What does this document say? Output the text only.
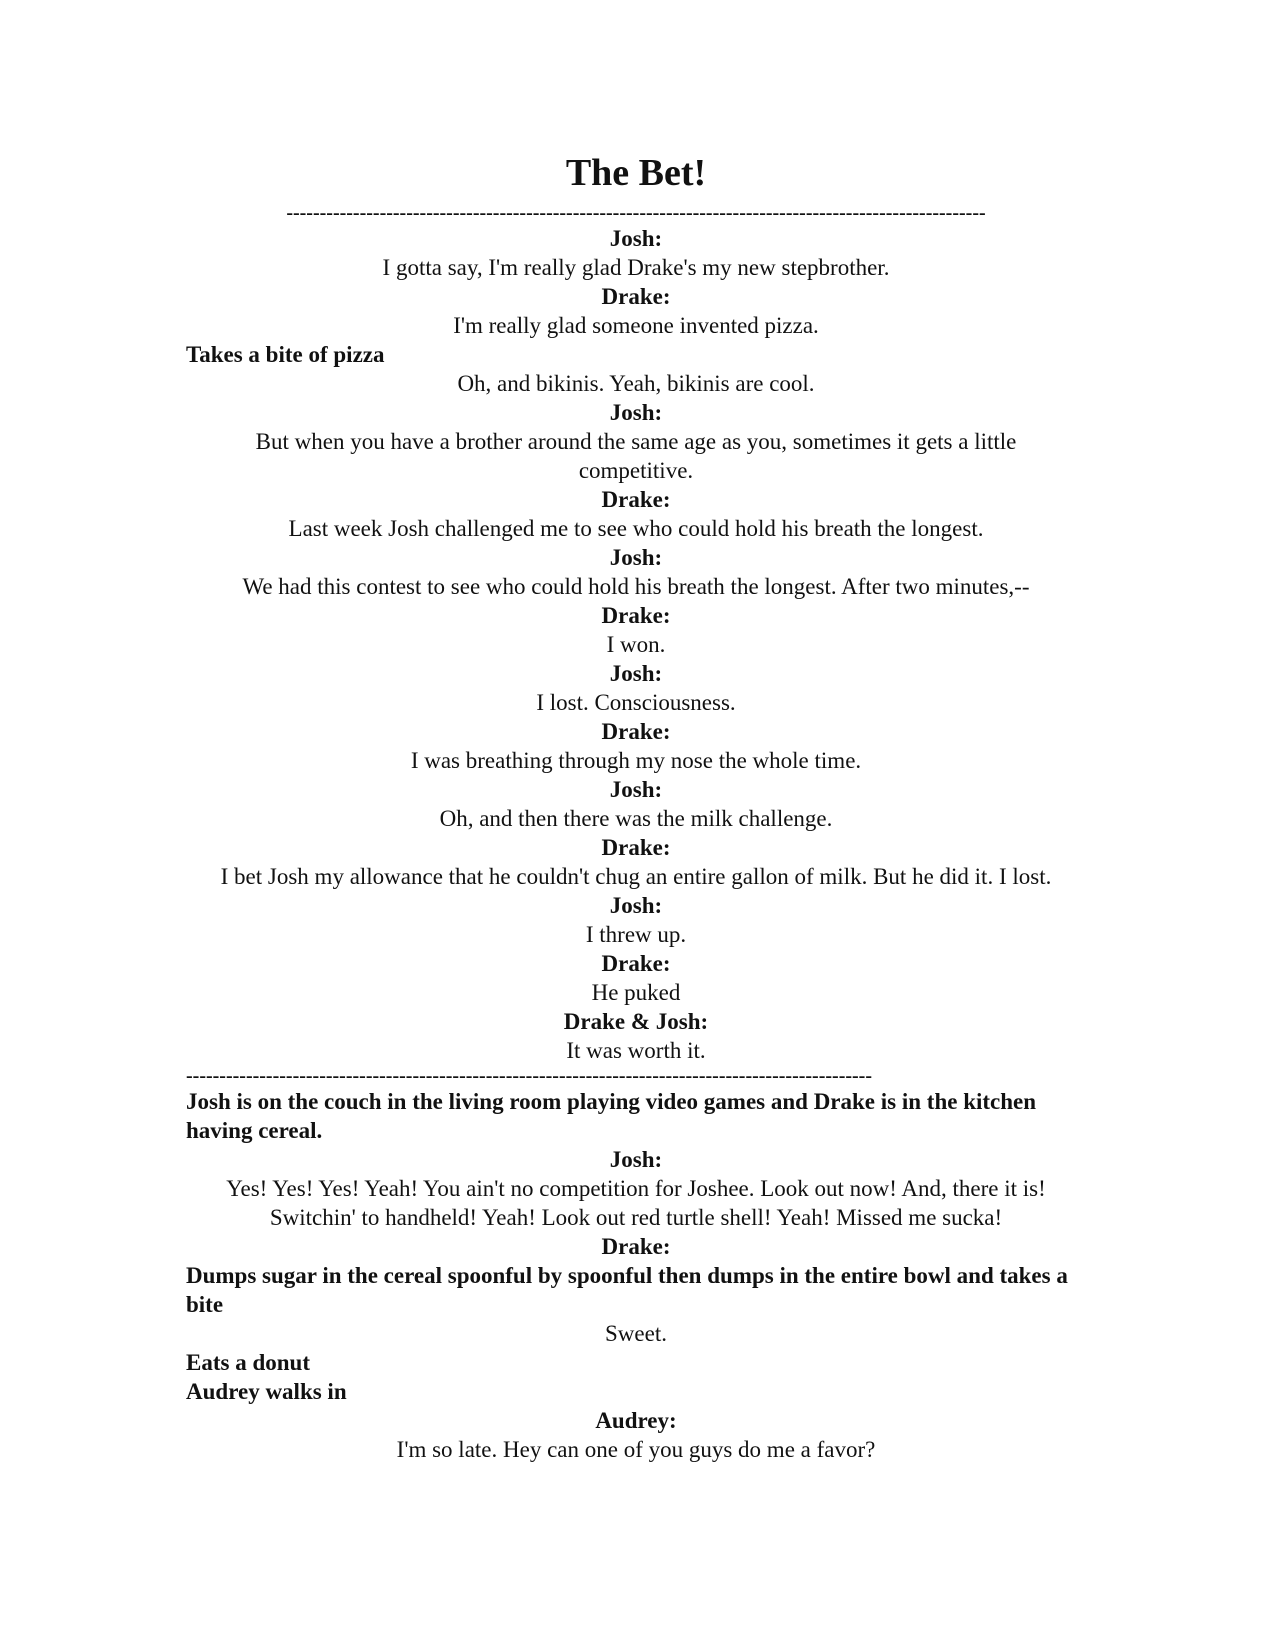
The Bet!
---------------------------------------------------------------------------------------------------------
Josh:
I gotta say, I'm really glad Drake's my new stepbrother.
Drake:
I'm really glad someone invented pizza.
Takes a bite of pizza
Oh, and bikinis. Yeah, bikinis are cool.
Josh:
But when you have a brother around the same age as you, sometimes it gets a little competitive.
Drake:
Last week Josh challenged me to see who could hold his breath the longest.
Josh:
We had this contest to see who could hold his breath the longest. After two minutes,--
Drake:
I won.
Josh:
I lost. Consciousness.
Drake:
I was breathing through my nose the whole time.
Josh:
Oh, and then there was the milk challenge.
Drake:
I bet Josh my allowance that he couldn't chug an entire gallon of milk. But he did it. I lost.
Josh:
I threw up.
Drake:
He puked
Drake & Josh:
It was worth it.
-------------------------------------------------------------------------------------------------------
Josh is on the couch in the living room playing video games and Drake is in the kitchen having cereal.
Josh:
Yes! Yes! Yes! Yeah! You ain't no competition for Joshee. Look out now! And, there it is! Switchin' to handheld! Yeah! Look out red turtle shell! Yeah! Missed me sucka!
Drake:
Dumps sugar in the cereal spoonful by spoonful then dumps in the entire bowl and takes a bite
Sweet.
Eats a donut
Audrey walks in
Audrey:
I'm so late. Hey can one of you guys do me a favor?
